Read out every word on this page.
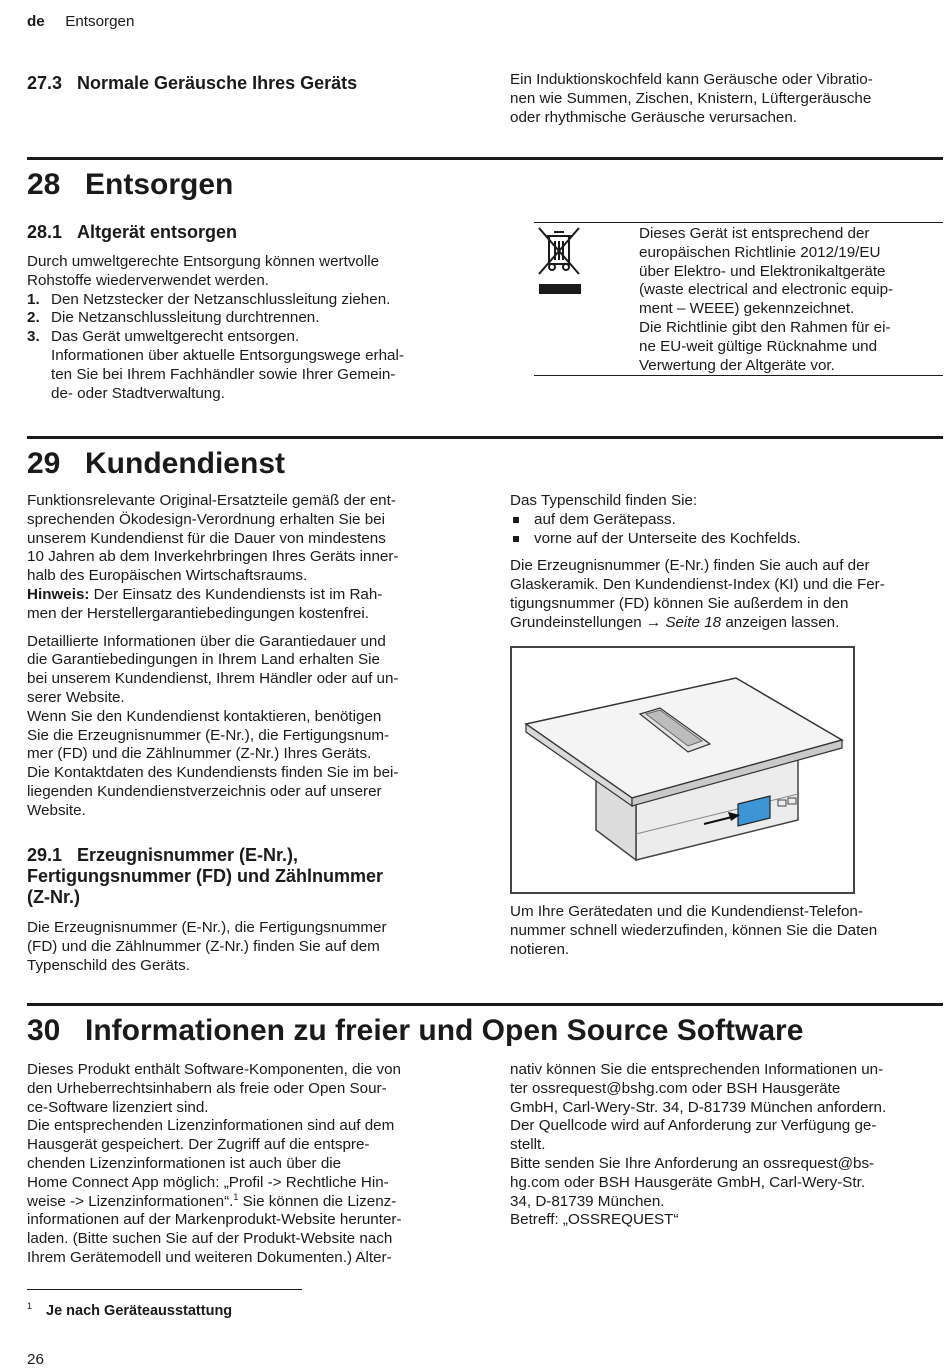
de Entsorgen
27.3 Normale Geräusche Ihres Geräts	Ein Induktionskochfeld kann Geräusche oder Vibratio-

nen wie Summen, Zischen, Knistern, Lüftergeräusche

oder rhythmische Geräusche verursachen.

28 Entsorgen
28.1 Altgerät entsorgen

Durch umweltgerechte Entsorgung können wertvolle

Rohstoffe wiederverwendet werden.

1. Den Netzstecker der Netzanschlussleitung ziehen.
2. Die Netzanschlussleitung durchtrennen.
3. Das Gerät umweltgerecht entsorgen.

Informationen über aktuelle Entsorgungswege erhal-

ten Sie bei Ihrem Fachhändler sowie Ihrer Gemein-

de- oder Stadtverwaltung.

Dieses Gerät ist entsprechend der

europäischen Richtlinie 2012/19/EU

über Elektro- und Elektronikaltgeräte

(waste electrical and electronic equip-

ment – WEEE) gekennzeichnet.

Die Richtlinie gibt den Rahmen für ei-

ne EU-weit gültige Rücknahme und

Verwertung der Altgeräte vor.

29 Kundendienst

Funktionsrelevante Original-Ersatzteile gemäß der ent-

sprechenden Ökodesign-Verordnung erhalten Sie bei

unserem Kundendienst für die Dauer von mindestens

10 Jahren ab dem Inverkehrbringen Ihres Geräts inner-

halb des Europäischen Wirtschaftsraums.

Hinweis: Der Einsatz des Kundendiensts ist im Rah-

men der Herstellergarantiebedingungen kostenfrei.

Detaillierte Informationen über die Garantiedauer und

die Garantiebedingungen in Ihrem Land erhalten Sie

bei unserem Kundendienst, Ihrem Händler oder auf un-

serer Website.

Wenn Sie den Kundendienst kontaktieren, benötigen

Sie die Erzeugnisnummer (E-Nr.), die Fertigungsnum-

mer (FD) und die Zählnummer (Z-Nr.) Ihres Geräts.

Die Kontaktdaten des Kundendiensts finden Sie im bei-

liegenden Kundendienstverzeichnis oder auf unserer

Website.

Das Typenschild finden Sie:

auf dem Gerätepass.
vorne auf der Unterseite des Kochfelds.

Die Erzeugnisnummer (E-Nr.) finden Sie auch auf der

Glaskeramik. Den Kundendienst-Index (KI) und die Fer-

tigungsnummer (FD) können Sie außerdem in den

Grundeinstellungen → Seite 18 anzeigen lassen.

Um Ihre Gerätedaten und die Kundendienst-Telefon-

nummer schnell wiederzufinden, können Sie die Daten

notieren.

29.1 Erzeugnisnummer (E-Nr.),
Fertigungsnummer (FD) und Zählnummer
(Z-Nr.)

Die Erzeugnisnummer (E-Nr.), die Fertigungsnummer

(FD) und die Zählnummer (Z-Nr.) finden Sie auf dem

Typenschild des Geräts.

30 Informationen zu freier und Open Source Software

Dieses Produkt enthält Software-Komponenten, die von

den Urheberrechtsinhabern als freie oder Open Sour-

ce-Software lizenziert sind.

Die entsprechenden Lizenzinformationen sind auf dem

Hausgerät gespeichert. Der Zugriff auf die entspre-

chenden Lizenzinformationen ist auch über die

Home Connect App möglich: „Profil -> Rechtliche Hin-

weise -> Lizenzinformationen“.$^1$ Sie können die Lizenz-

informationen auf der Markenprodukt-Website herunter-

laden. (Bitte suchen Sie auf der Produkt-Website nach

Ihrem Gerätemodell und weiteren Dokumenten.) Alter-

nativ können Sie die entsprechenden Informationen un-

ter ossrequest@bshg.com oder BSH Hausgeräte

GmbH, Carl-Wery-Str. 34, D-81739 München anfordern.

Der Quellcode wird auf Anforderung zur Verfügung ge-

stellt.

Bitte senden Sie Ihre Anforderung an ossrequest@bs-

hg.com oder BSH Hausgeräte GmbH, Carl-Wery-Str.

34, D-81739 München.

Betreff: „OSSREQUEST“

$^1$ Je nach Geräteausstattung
26
